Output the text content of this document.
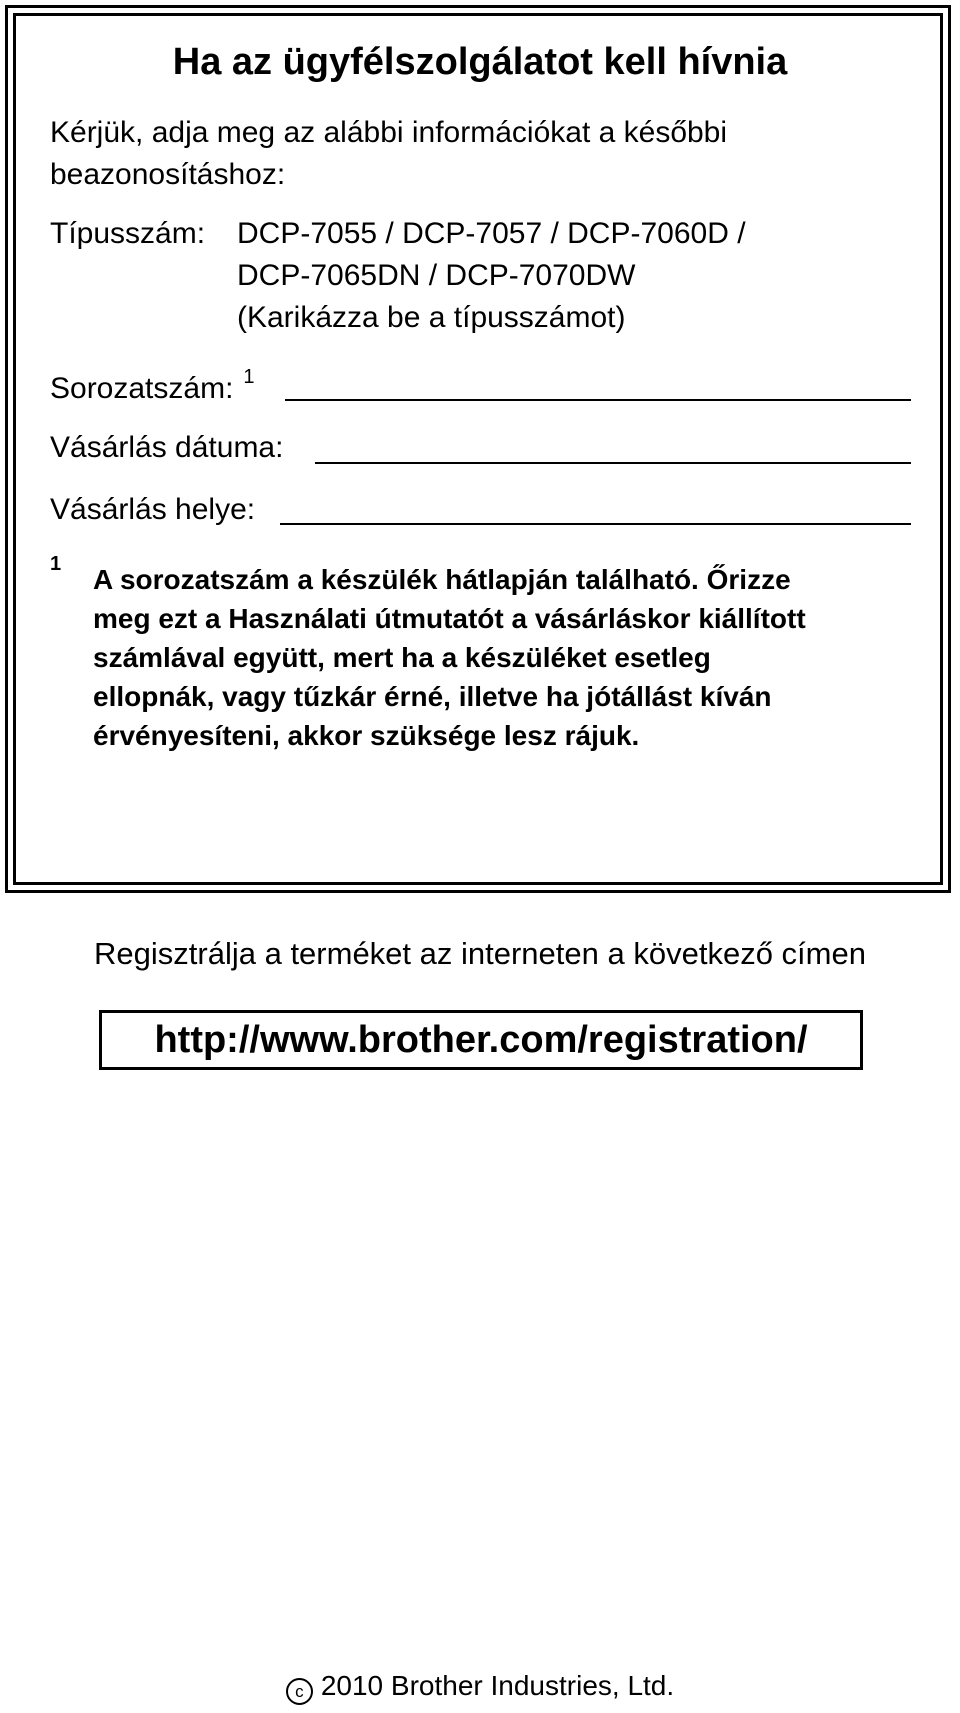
Ha az ügyfélszolgálatot kell hívnia
Kérjük, adja meg az alábbi információkat a későbbi beazonosításhoz:
Típusszám:	DCP-7055 / DCP-7057 / DCP-7060D /
DCP-7065DN / DCP-7070DW
(Karikázza be a típusszámot)
Sorozatszám: $^1$
Vásárlás dátuma:
Vásárlás helye:
1 A sorozatszám a készülék hátlapján található. Őrizze
meg ezt a Használati útmutatót a vásárláskor kiállított
számlával együtt, mert ha a készüléket esetleg
ellopnák, vagy tűzkár érné, illetve ha jótállást kíván
érvényesíteni, akkor szüksége lesz rájuk.
Regisztrálja a terméket az interneten a következő címen
http://www.brother.com/registration/
c 2010 Brother Industries, Ltd.
